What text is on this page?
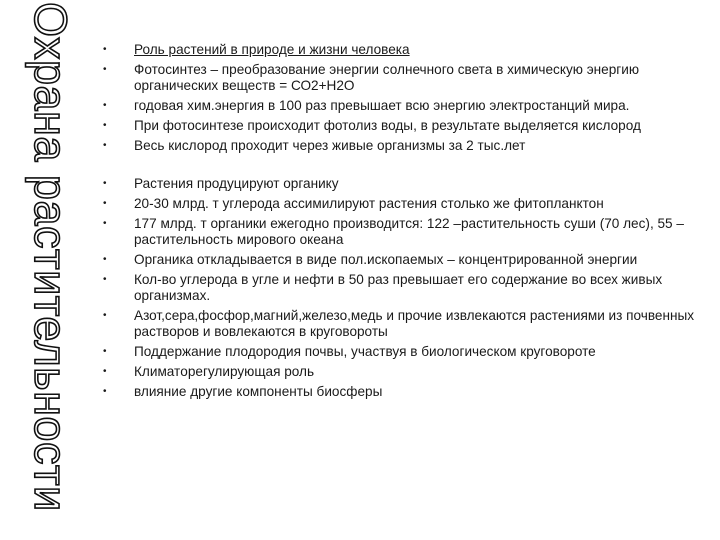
Охрана растительности	• Роль растений в природе и жизни человека
• Фотосинтез – преобразование энергии солнечного света в химическую энергию органических веществ = СО2+Н2О
• годовая хим.энергия в 100 раз превышает всю энергию электростанций мира.
• При фотосинтезе происходит фотолиз воды, в результате выделяется кислород
• Весь кислород проходит через живые организмы за 2 тыс.лет
• Растения продуцируют органику
• 20-30 млрд. т углерода ассимилируют растения столько же фитопланктон
• 177 млрд. т органики ежегодно производится: 122 –растительность суши (70 лес), 55 – растительность мирового океана
• Органика откладывается в виде пол.ископаемых – концентрированной энергии
• Кол-во углерода в угле и нефти в 50 раз превышает его содержание во всех живых организмах.
• Азот,сера,фосфор,магний,железо,медь и прочие извлекаются растениями из почвенных растворов и вовлекаются в круговороты
• Поддержание плодородия почвы, участвуя в биологическом круговороте
• Климатoрегулирующая роль
• влияние другие компоненты биосферы
